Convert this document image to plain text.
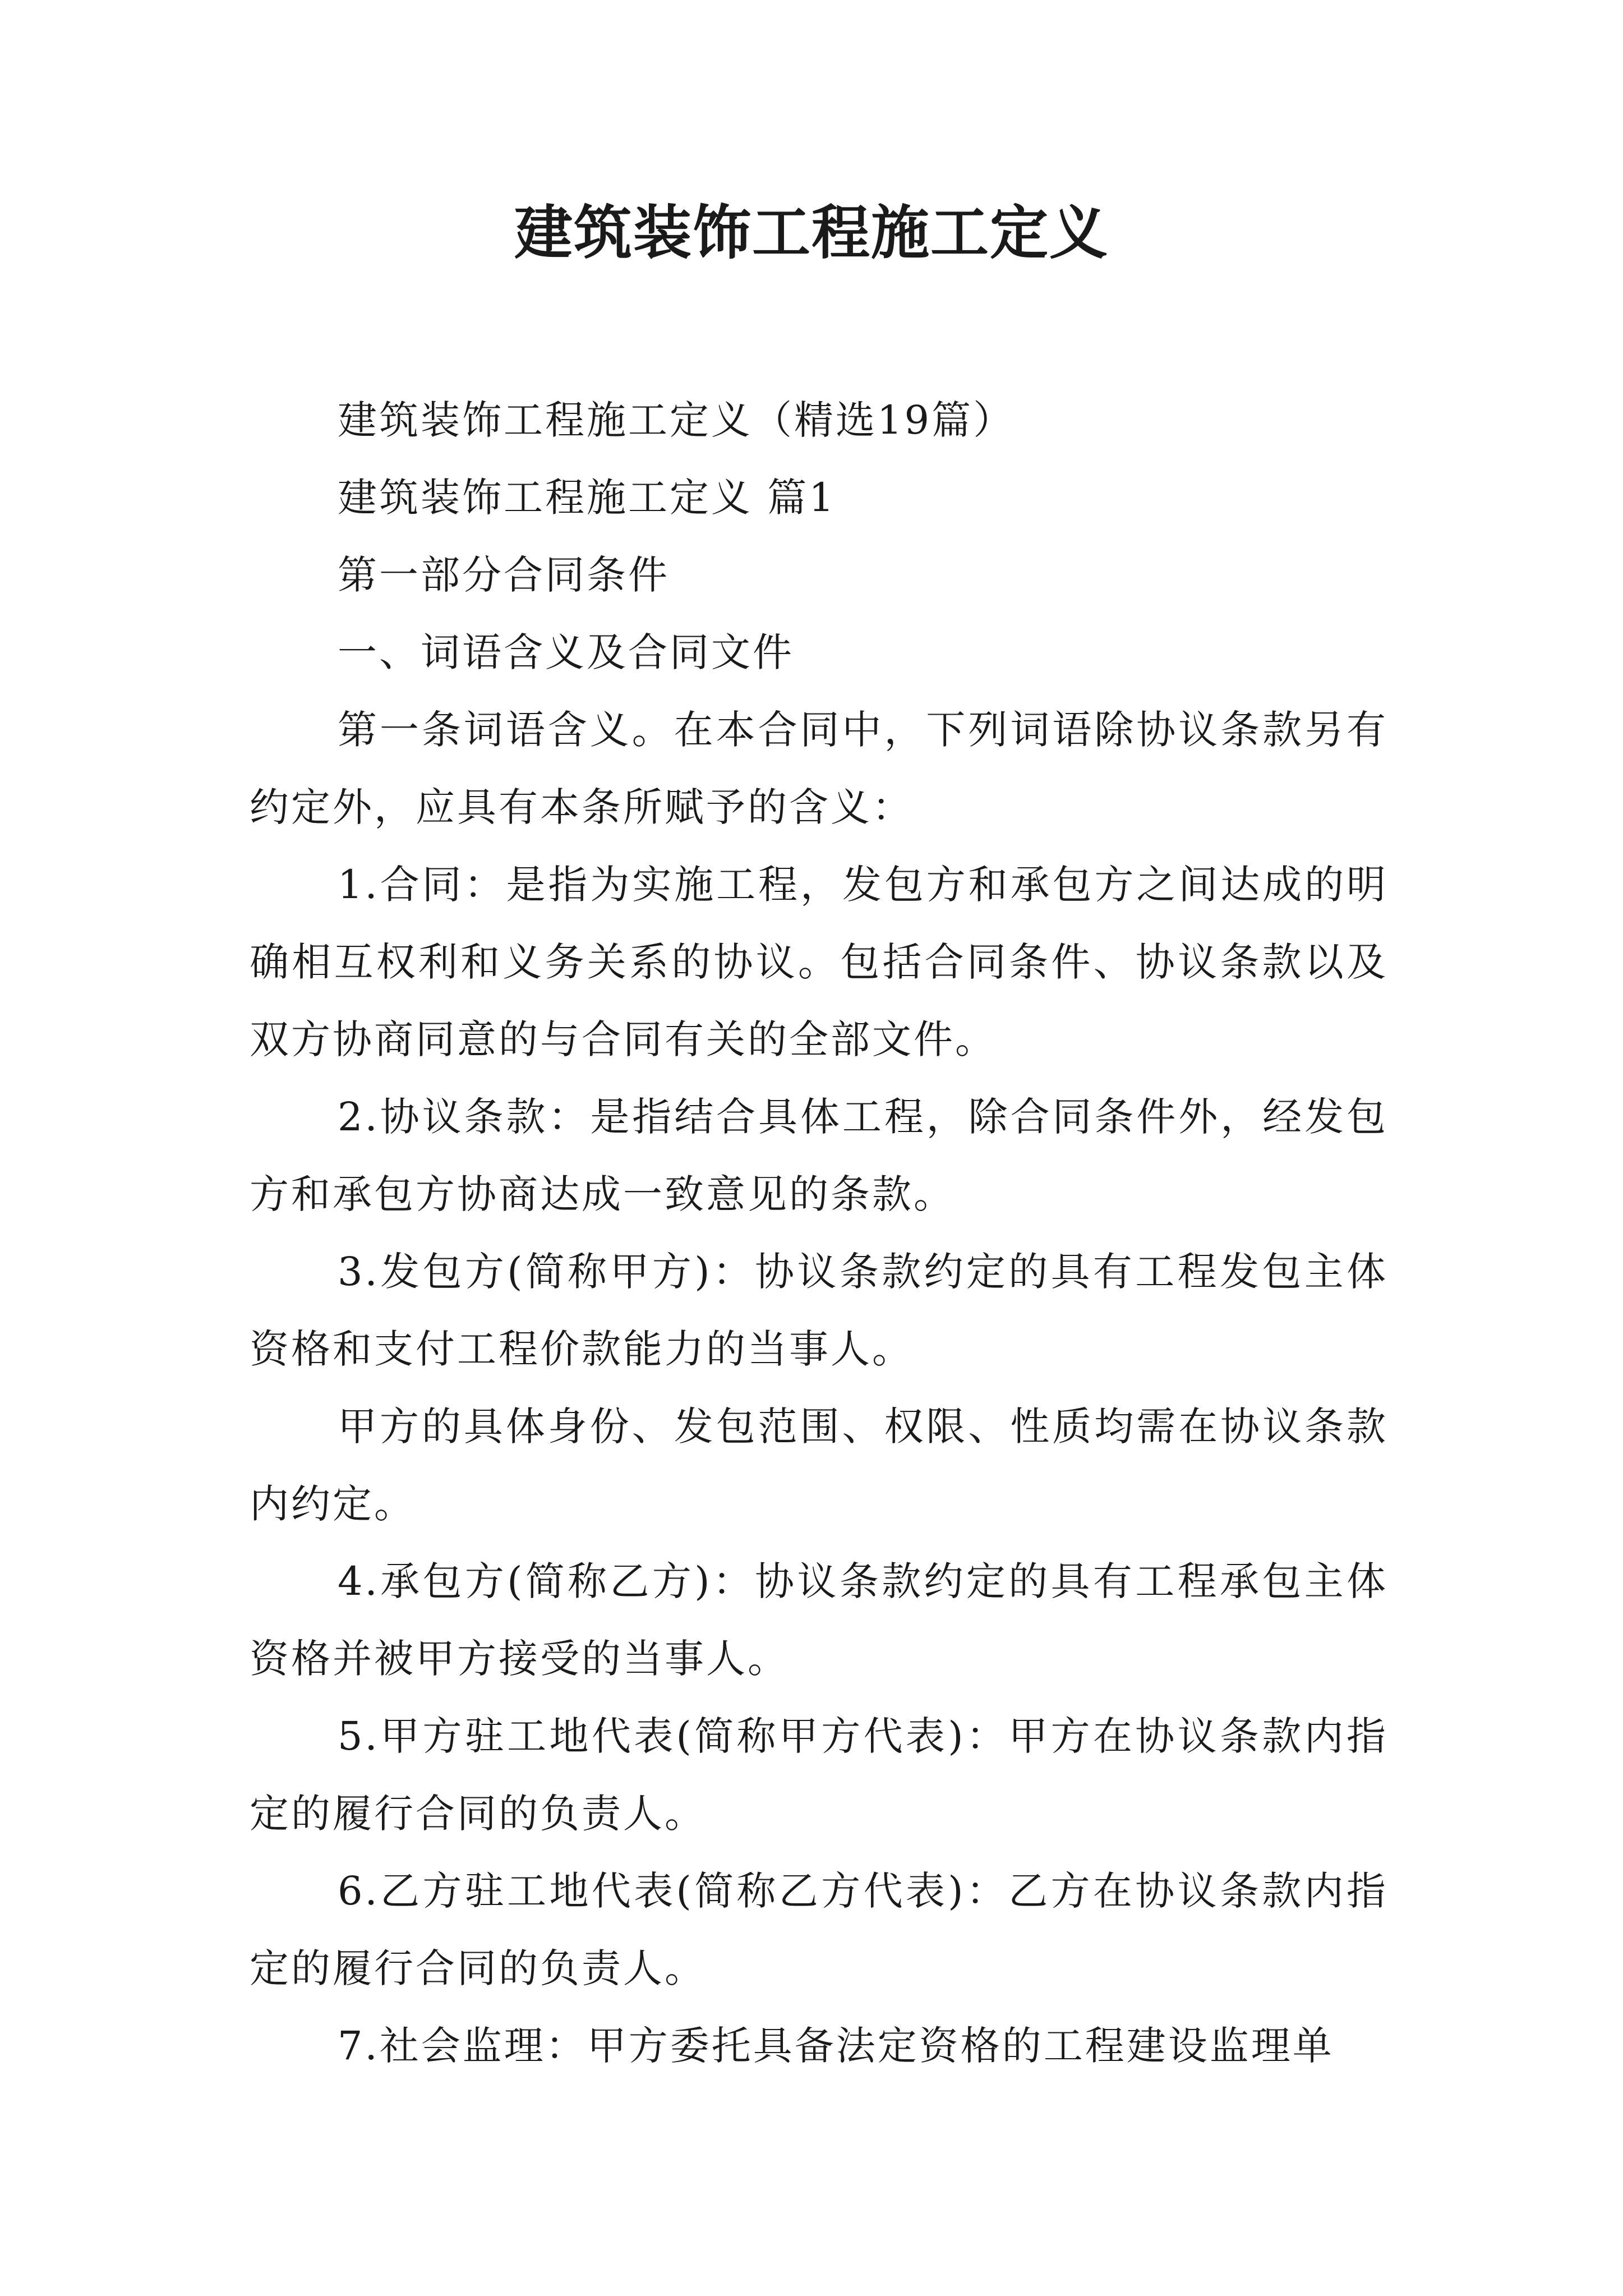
建筑装饰工程施工定义

建筑装饰工程施工定义（精选19篇）

建筑装饰工程施工定义 篇1

第一部分合同条件

一、词语含义及合同文件

第一条词语含义。在本合同中，下列词语除协议条款另有约定外，应具有本条所赋予的含义：

1.合同：是指为实施工程，发包方和承包方之间达成的明确相互权利和义务关系的协议。包括合同条件、协议条款以及双方协商同意的与合同有关的全部文件。

2.协议条款：是指结合具体工程，除合同条件外，经发包方和承包方协商达成一致意见的条款。

3.发包方(简称甲方)：协议条款约定的具有工程发包主体资格和支付工程价款能力的当事人。

甲方的具体身份、发包范围、权限、性质均需在协议条款内约定。

4.承包方(简称乙方)：协议条款约定的具有工程承包主体资格并被甲方接受的当事人。

5.甲方驻工地代表(简称甲方代表)：甲方在协议条款内指定的履行合同的负责人。

6.乙方驻工地代表(简称乙方代表)：乙方在协议条款内指定的履行合同的负责人。

7.社会监理：甲方委托具备法定资格的工程建设监理单
